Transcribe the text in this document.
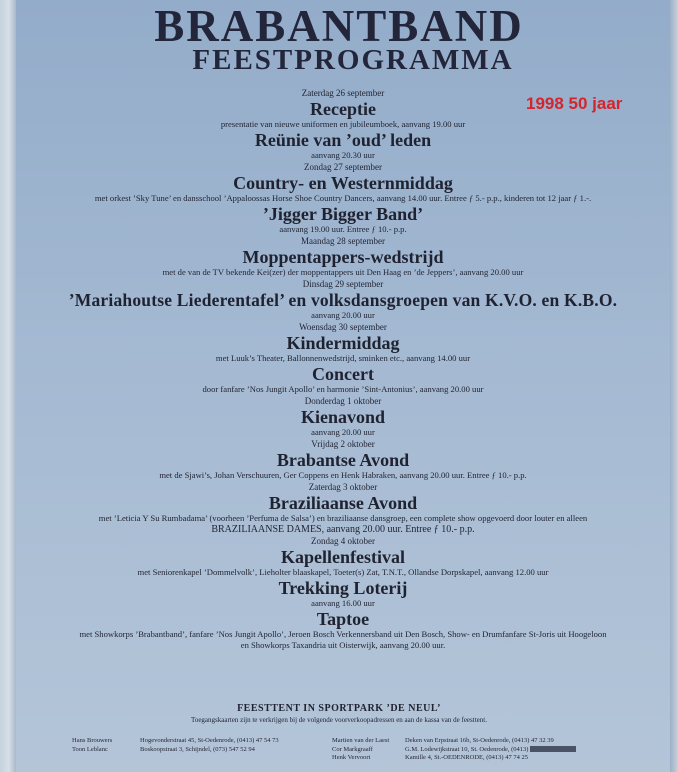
BRABANTBAND
FEESTPROGRAMMA
1998 50 jaar
Zaterdag 26 september
Receptie
presentatie van nieuwe uniformen en jubileumboek, aanvang 19.00 uur
Reünie van ’oud’ leden
aanvang 20.30 uur
Zondag 27 september
Country- en Westernmiddag
met orkest ’Sky Tune’ en dansschool ’Appaloossas Horse Shoe Country Dancers, aanvang 14.00 uur. Entree ƒ 5.- p.p., kinderen tot 12 jaar ƒ 1.-.
’Jigger Bigger Band’
aanvang 19.00 uur. Entree ƒ 10.- p.p.
Maandag 28 september
Moppentappers-wedstrijd
met de van de TV bekende Kei(zer) der moppentappers uit Den Haag en ’de Jeppers’, aanvang 20.00 uur
Dinsdag 29 september
’Mariahoutse Liederentafel’ en volksdansgroepen van K.V.O. en K.B.O.
aanvang 20.00 uur
Woensdag 30 september
Kindermiddag
met Luuk’s Theater, Ballonnenwedstrijd, sminken etc., aanvang 14.00 uur
Concert
door fanfare ’Nos Jungit Apollo’ en harmonie ’Sint-Antonius’, aanvang 20.00 uur
Donderdag 1 oktober
Kienavond
aanvang 20.00 uur
Vrijdag 2 oktober
Brabantse Avond
met de Sjawi’s, Johan Verschuuren, Ger Coppens en Henk Habraken, aanvang 20.00 uur. Entree ƒ 10.- p.p.
Zaterdag 3 oktober
Braziliaanse Avond
met ’Leticia Y Su Rumbadama’ (voorheen ’Perfuma de Salsa’) en braziliaanse dansgroep, een complete show opgevoerd door louter en alleen
BRAZILIAANSE DAMES, aanvang 20.00 uur. Entree ƒ 10.- p.p.
Zondag 4 oktober
Kapellenfestival
met Seniorenkapel ’Dommelvolk’, Lieholter blaaskapel, Toeter(s) Zat, T.N.T., Ollandse Dorpskapel, aanvang 12.00 uur
Trekking Loterij
aanvang 16.00 uur
Taptoe
met Showkorps ’Brabantband’, fanfare ’Nos Jungit Apollo’, Jeroen Bosch Verkennersband uit Den Bosch, Show- en Drumfanfare St-Joris uit Hoogeloon
en Showkorps Taxandria uit Oisterwijk, aanvang 20.00 uur.
FEESTTENT IN SPORTPARK ’DE NEUL’
Toegangskaarten zijn te verkrijgen bij de volgende voorverkoopadressen en aan de kassa van de feesttent.
Hans Brouwers
Toon Leblanc
Hogevonderstraat 45, St-Oedenrode, (0413) 47 54 73
Boskoopstraat 3, Schijndel, (073) 547 52 94
Martien van der Laest
Cor Markgraaff
Henk Vervoort
Deken van Erpstraat 16b, St-Oedenrode, (0413) 47 32 39
G.M. Lodewijkstraat 10, St. Oedenrode, (0413)
Kamille 4, St.-OEDENRODE, (0413) 47 74 25
